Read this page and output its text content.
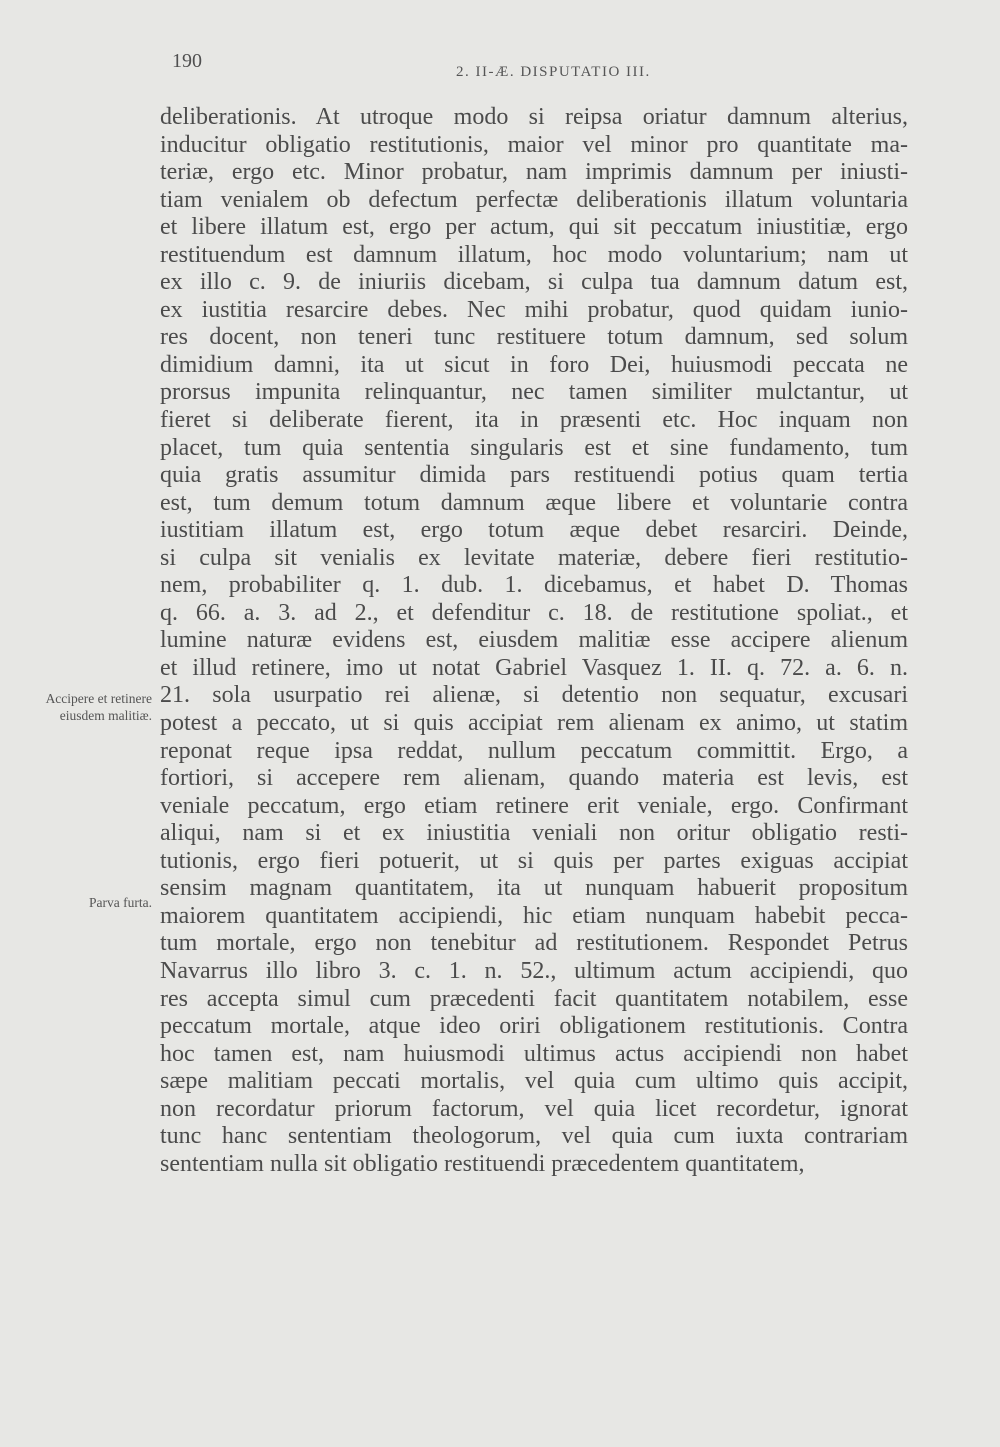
190	2. II-Æ. DISPUTATIO III.
Accipere et retinere eiusdem malitiæ.
Parva furta.
deliberationis. At utroque modo si reipsa oriatur damnum alterius,
inducitur obligatio restitutionis, maior vel minor pro quantitate ma-
teriæ, ergo etc. Minor probatur, nam imprimis damnum per iniusti-
tiam venialem ob defectum perfectæ deliberationis illatum voluntaria
et libere illatum est, ergo per actum, qui sit peccatum iniustitiæ, ergo
restituendum est damnum illatum, hoc modo voluntarium; nam ut
ex illo c. 9. de iniuriis dicebam, si culpa tua damnum datum est,
ex iustitia resarcire debes. Nec mihi probatur, quod quidam iunio-
res docent, non teneri tunc restituere totum damnum, sed solum
dimidium damni, ita ut sicut in foro Dei, huiusmodi peccata ne
prorsus impunita relinquantur, nec tamen similiter mulctantur, ut
fieret si deliberate fierent, ita in præsenti etc. Hoc inquam non
placet, tum quia sententia singularis est et sine fundamento, tum
quia gratis assumitur dimida pars restituendi potius quam tertia
est, tum demum totum damnum æque libere et voluntarie contra
iustitiam illatum est, ergo totum æque debet resarciri. Deinde,
si culpa sit venialis ex levitate materiæ, debere fieri restitutio-
nem, probabiliter q. 1. dub. 1. dicebamus, et habet D. Thomas
q. 66. a. 3. ad 2., et defenditur c. 18. de restitutione spoliat., et
lumine naturæ evidens est, eiusdem malitiæ esse accipere alienum
et illud retinere, imo ut notat Gabriel Vasquez 1. II. q. 72. a. 6. n.
21. sola usurpatio rei alienæ, si detentio non sequatur, excusari
potest a peccato, ut si quis accipiat rem alienam ex animo, ut statim
reponat reque ipsa reddat, nullum peccatum committit. Ergo, a
fortiori, si accepere rem alienam, quando materia est levis, est
veniale peccatum, ergo etiam retinere erit veniale, ergo. Confirmant
aliqui, nam si et ex iniustitia veniali non oritur obligatio resti-
tutionis, ergo fieri potuerit, ut si quis per partes exiguas accipiat
sensim magnam quantitatem, ita ut nunquam habuerit propositum
maiorem quantitatem accipiendi, hic etiam nunquam habebit pecca-
tum mortale, ergo non tenebitur ad restitutionem. Respondet Petrus
Navarrus illo libro 3. c. 1. n. 52., ultimum actum accipiendi, quo
res accepta simul cum præcedenti facit quantitatem notabilem, esse
peccatum mortale, atque ideo oriri obligationem restitutionis. Contra
hoc tamen est, nam huiusmodi ultimus actus accipiendi non habet
sæpe malitiam peccati mortalis, vel quia cum ultimo quis accipit,
non recordatur priorum factorum, vel quia licet recordetur, ignorat
tunc hanc sententiam theologorum, vel quia cum iuxta contrariam
sententiam nulla sit obligatio restituendi præcedentem quantitatem,
